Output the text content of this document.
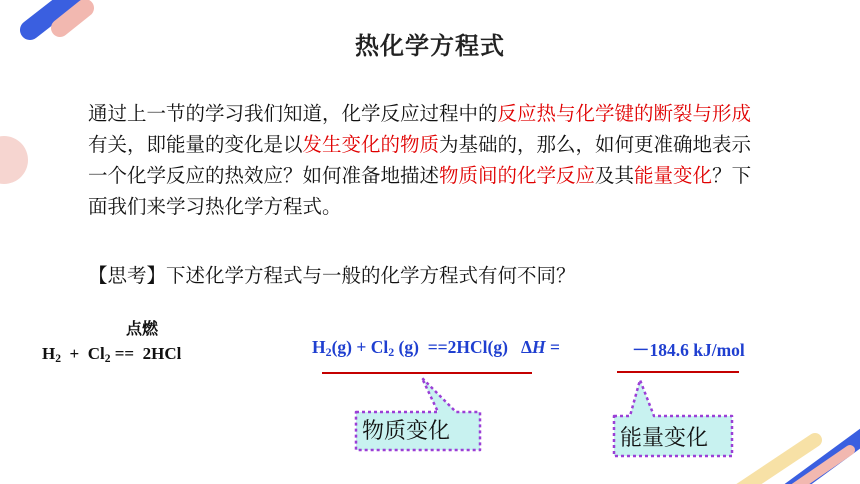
热化学方程式
通过上一节的学习我们知道，化学反应过程中的反应热与化学键的断裂与形成有关，即能量的变化是以发生变化的物质为基础的，那么，如何更准确地表示一个化学反应的热效应？如何准备地描述物质间的化学反应及其能量变化？下面我们来学习热化学方程式。
【思考】下述化学方程式与一般的化学方程式有何不同？
点燃
$H_2 + Cl_2 == 2HCl$	$H_2(g) + Cl_2$ (g)  ==2HCl(g)   ΔH =	－184.6 kJ/mol
物质变化	能量变化
